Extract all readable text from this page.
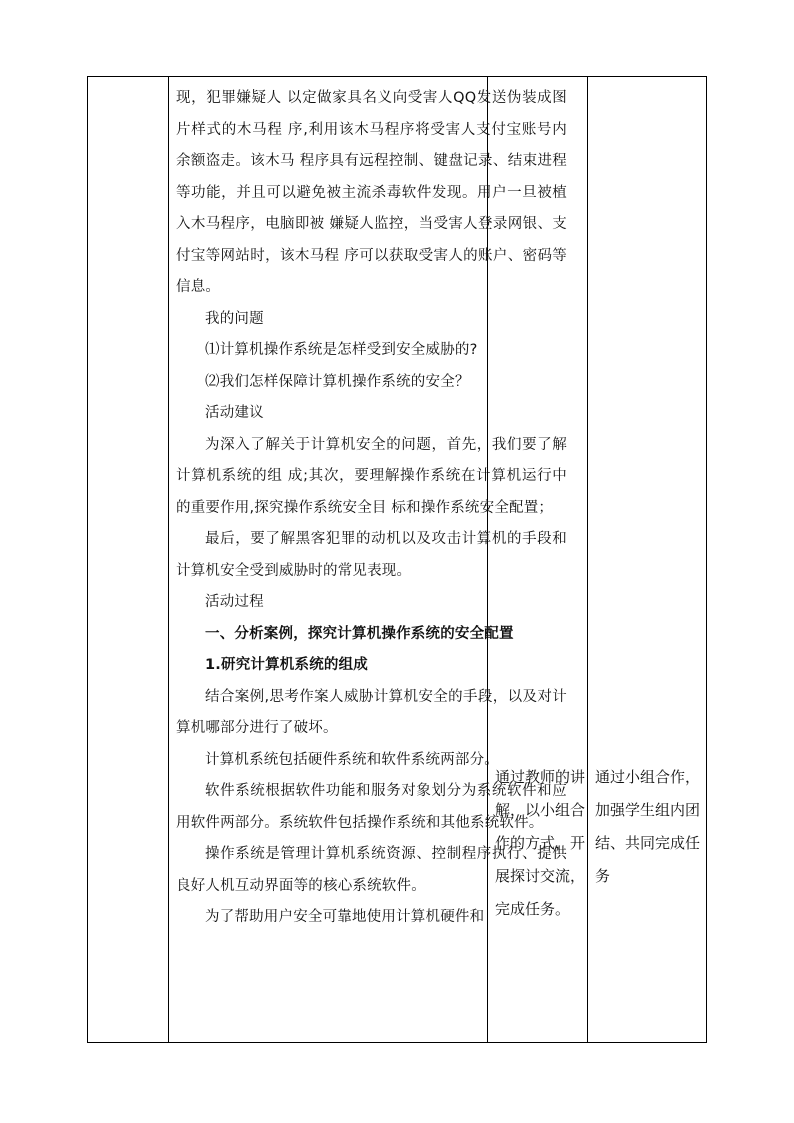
现，犯罪嫌疑人 以定做家具名义向受害人QQ发送伪装成图片样式的木马程 序,利用该木马程序将受害人支付宝账号内余额盗走。该木马 程序具有远程控制、键盘记录、结束进程等功能，并且可以避免被主流杀毒软件发现。用户一旦被植入木马程序，电脑即被 嫌疑人监控，当受害人登录网银、支付宝等网站时，该木马程 序可以获取受害人的账户、密码等信息。

我的问题

⑴计算机操作系统是怎样受到安全威胁的?

⑵我们怎样保障计算机操作系统的安全？

活动建议

为深入了解关于计算机安全的问题，首先，我们要了解计算机系统的组 成;其次，要理解操作系统在计算机运行中的重要作用,探究操作系统安全目 标和操作系统安全配置；

最后，要了解黑客犯罪的动机以及攻击计算机的手段和计算机安全受到威胁时的常见表现。

活动过程

一、分析案例，探究计算机操作系统的安全配置

1.研究计算机系统的组成

结合案例,思考作案人威胁计算机安全的手段，以及对计算机哪部分进行了破坏。

计算机系统包括硬件系统和软件系统两部分。

软件系统根据软件功能和服务对象划分为系统软件和应用软件两部分。系统软件包括操作系统和其他系统软件。

操作系统是管理计算机系统资源、控制程序执行、提供良好人机互动界面等的核心系统软件。

为了帮助用户安全可靠地使用计算机硬件和

通过教师的讲解，以小组合作的方式，开展探讨交流，完成任务。
通过小组合作，加强学生组内团结、共同完成任务
